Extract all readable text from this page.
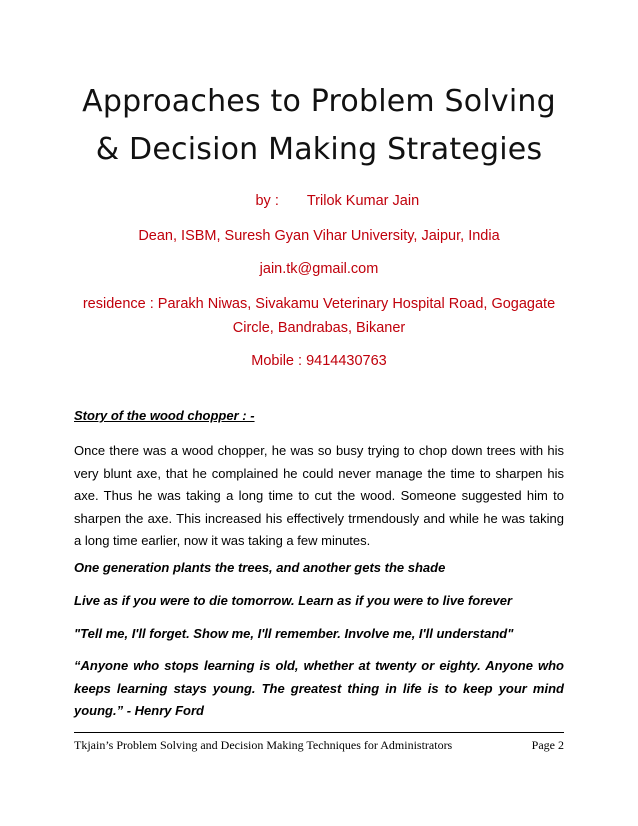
Approaches to Problem Solving
& Decision Making Strategies
by : Trilok Kumar Jain
Dean, ISBM, Suresh Gyan Vihar University, Jaipur, India
jain.tk@gmail.com
residence : Parakh Niwas, Sivakamu Veterinary Hospital Road, Gogagate Circle, Bandrabas, Bikaner
Mobile : 9414430763
Story of the wood chopper : -
Once there was a wood chopper, he was so busy trying to chop down trees with his very blunt axe, that he complained he could never manage the time to sharpen his axe. Thus he was taking a long time to cut the wood. Someone suggested him to sharpen the axe. This increased his effectively trmendously and while he was taking a long time earlier, now it was taking a few minutes.
One generation plants the trees, and another gets the shade
Live as if you were to die tomorrow. Learn as if you were to live forever
"Tell me, I'll forget. Show me, I'll remember. Involve me, I'll understand"
“Anyone who stops learning is old, whether at twenty or eighty. Anyone who keeps learning stays young. The greatest thing in life is to keep your mind young.” - Henry Ford
Tkjain’s Problem Solving and Decision Making Techniques for Administrators	Page 2
